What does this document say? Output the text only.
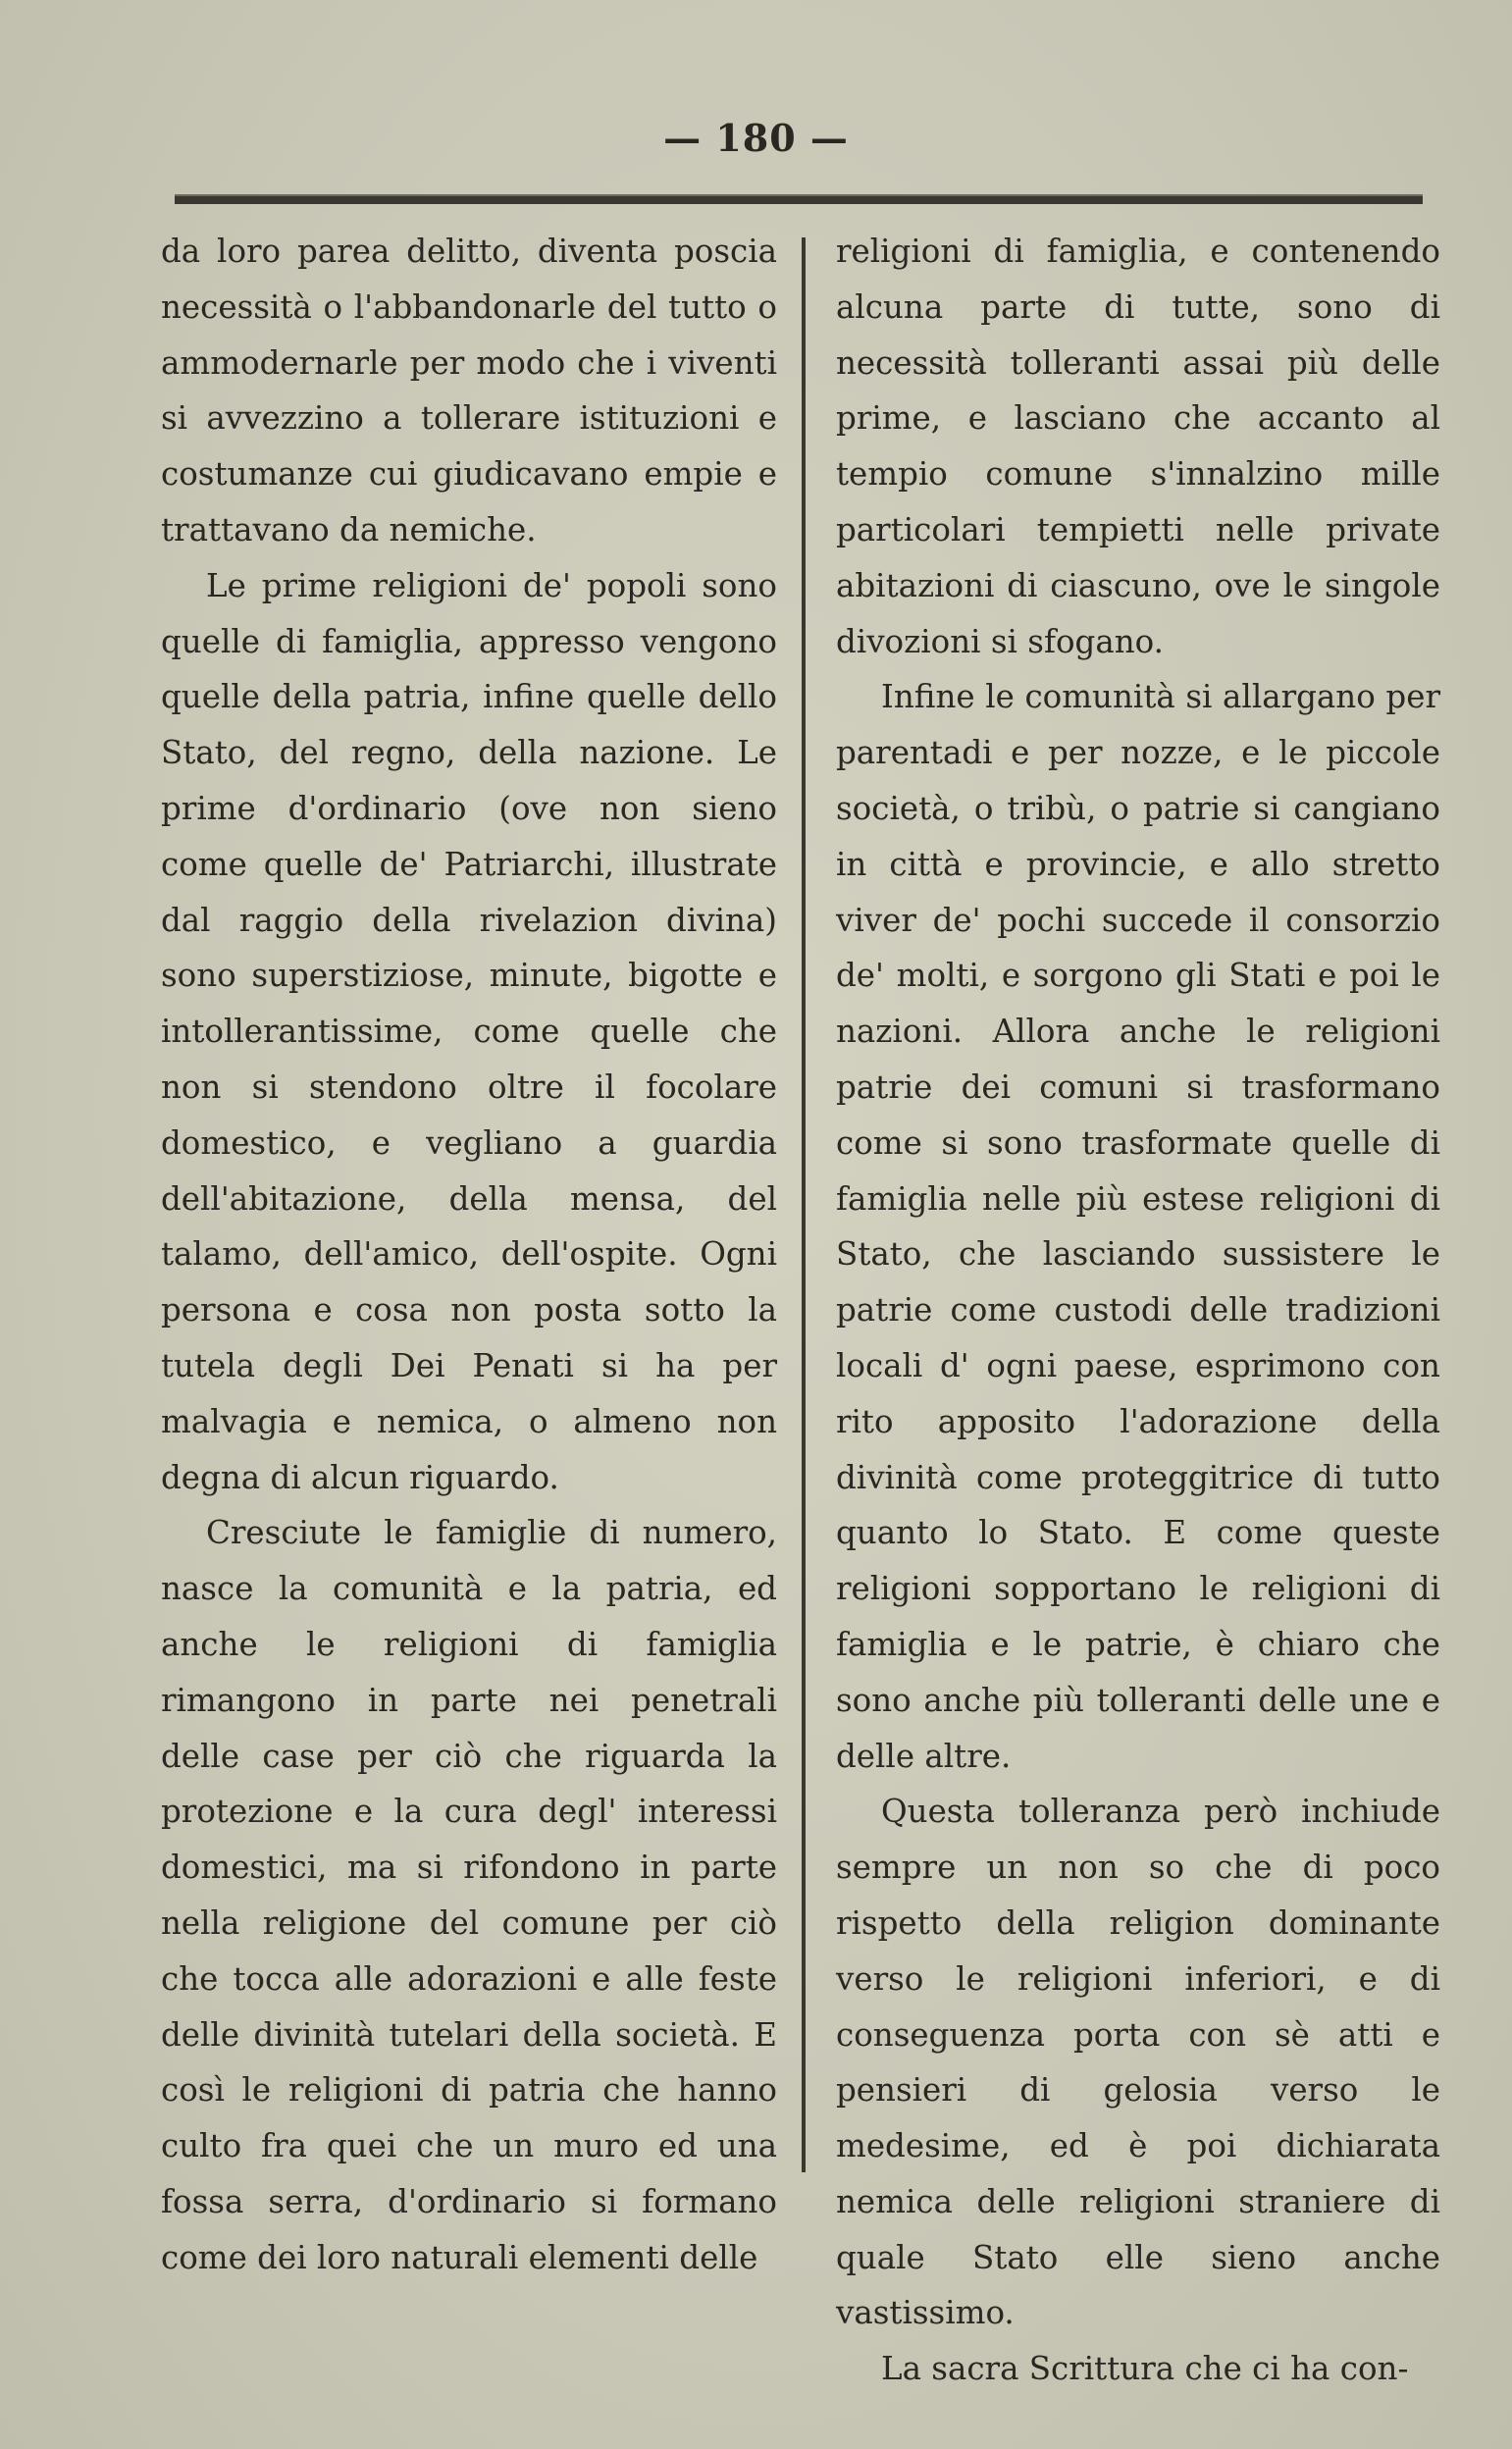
— 180 —

da loro parea delitto, diventa poscia necessità o l'abbandonarle del tutto o ammodernarle per modo che i viventi si avvezzino a tollerare istituzioni e costumanze cui giudicavano empie e trattavano da nemiche.

Le prime religioni de' popoli sono quelle di famiglia, appresso vengono quelle della patria, infine quelle dello Stato, del regno, della nazione. Le prime d'ordinario (ove non sieno come quelle de' Patriarchi, illustrate dal raggio della rivelazion divina) sono superstiziose, minute, bigotte e intollerantissime, come quelle che non si stendono oltre il focolare domestico, e vegliano a guardia dell'abitazione, della mensa, del talamo, dell'amico, dell'ospite. Ogni persona e cosa non posta sotto la tutela degli Dei Penati si ha per malvagia e nemica, o almeno non degna di alcun riguardo.

Cresciute le famiglie di numero, nasce la comunità e la patria, ed anche le religioni di famiglia rimangono in parte nei penetrali delle case per ciò che riguarda la protezione e la cura degl' interessi domestici, ma si rifondono in parte nella religione del comune per ciò che tocca alle adorazioni e alle feste delle divinità tutelari della società. E così le religioni di patria che hanno culto fra quei che un muro ed una fossa serra, d'ordinario si formano come dei loro naturali elementi delle

religioni di famiglia, e contenendo alcuna parte di tutte, sono di necessità tolleranti assai più delle prime, e lasciano che accanto al tempio comune s'innalzino mille particolari tempietti nelle private abitazioni di ciascuno, ove le singole divozioni si sfogano.

Infine le comunità si allargano per parentadi e per nozze, e le piccole società, o tribù, o patrie si cangiano in città e provincie, e allo stretto viver de' pochi succede il consorzio de' molti, e sorgono gli Stati e poi le nazioni. Allora anche le religioni patrie dei comuni si trasformano come si sono trasformate quelle di famiglia nelle più estese religioni di Stato, che lasciando sussistere le patrie come custodi delle tradizioni locali d' ogni paese, esprimono con rito apposito l'adorazione della divinità come proteggitrice di tutto quanto lo Stato. E come queste religioni sopportano le religioni di famiglia e le patrie, è chiaro che sono anche più tolleranti delle une e delle altre.

Questa tolleranza però inchiude sempre un non so che di poco rispetto della religion dominante verso le religioni inferiori, e di conseguenza porta con sè atti e pensieri di gelosia verso le medesime, ed è poi dichiarata nemica delle religioni straniere di quale Stato elle sieno anche vastissimo.

La sacra Scrittura che ci ha con-
